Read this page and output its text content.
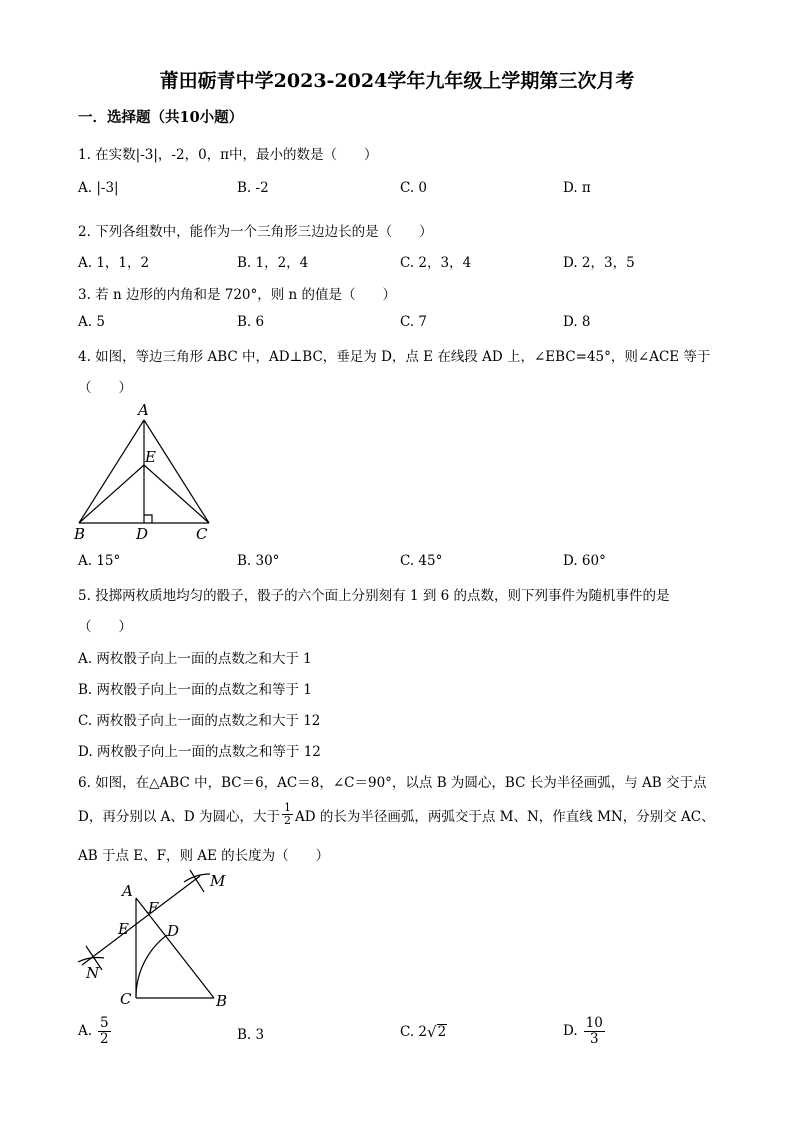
莆田砺青中学2023-2024学年九年级上学期第三次月考
一．选择题（共10小题）
1. 在实数|-3|，-2，0，π中，最小的数是（　　）
A. |-3|	B. -2	C. 0	D. π
2. 下列各组数中，能作为一个三角形三边边长的是（　　）
A. 1，1，2	B. 1，2，4	C. 2，3，4	D. 2，3，5
3. 若 n 边形的内角和是 720°，则 n 的值是（　　）
A. 5	B. 6	C. 7	D. 8
4. 如图，等边三角形 ABC 中，AD⊥BC，垂足为 D，点 E 在线段 AD 上，∠EBC=45°，则∠ACE 等于
（　　）
A
E
B	D	C
A. 15°	B. 30°	C. 45°	D. 60°
5. 投掷两枚质地均匀的骰子，骰子的六个面上分别刻有 1 到 6 的点数，则下列事件为随机事件的是
（　　）
A. 两枚骰子向上一面的点数之和大于 1
B. 两枚骰子向上一面的点数之和等于 1
C. 两枚骰子向上一面的点数之和大于 12
D. 两枚骰子向上一面的点数之和等于 12
6. 如图，在△ABC 中，BC＝6，AC＝8，∠C＝90°，以点 B 为圆心，BC 长为半径画弧，与 AB 交于点
D，再分别以 A、D 为圆心，大于 $\frac{1}{2}$ AD 的长为半径画弧，两弧交于点 M、N，作直线 MN，分别交 AC、
AB 于点 E、F，则 AE 的长度为（　　）
A
F
D
E
M
N
C	B
A. $\frac{5}{2}$	B. 3	C. 2 √ 2	D. $\frac{10}{3}$
